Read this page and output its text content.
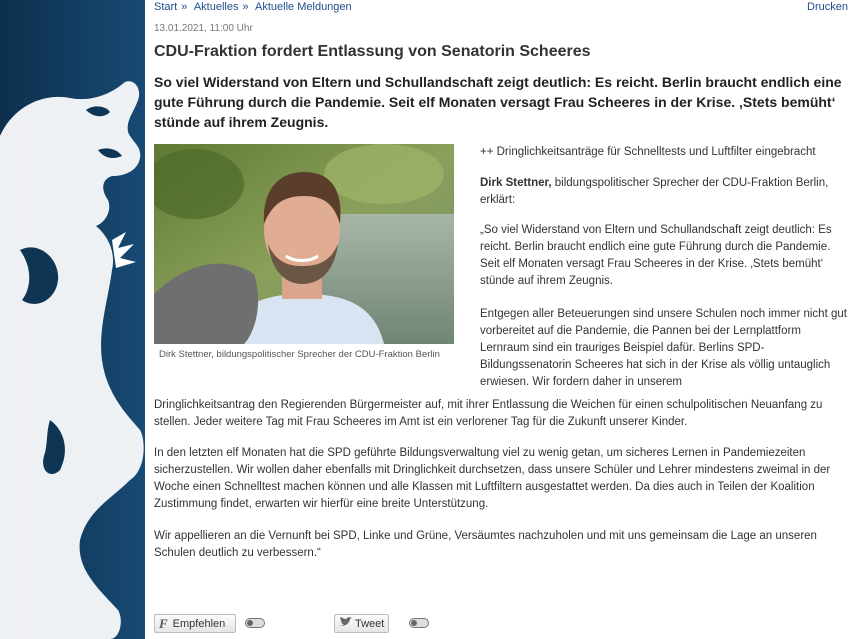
Start » Aktuelles » Aktuelle Meldungen	Drucken
13.01.2021, 11:00 Uhr
CDU-Fraktion fordert Entlassung von Senatorin Scheeres

So viel Widerstand von Eltern und Schullandschaft zeigt deutlich: Es reicht. Berlin braucht endlich eine gute Führung durch die Pandemie. Seit elf Monaten versagt Frau Scheeres in der Krise. ‚Stets bemüht‘ stünde auf ihrem Zeugnis.

Dirk Stettner, bildungspolitischer Sprecher der CDU-Fraktion Berlin

++ Dringlichkeitsanträge für Schnelltests und Luftfilter eingebracht

Dirk Stettner, bildungspolitischer Sprecher der CDU-Fraktion Berlin, erklärt:

„So viel Widerstand von Eltern und Schullandschaft zeigt deutlich: Es reicht. Berlin braucht endlich eine gute Führung durch die Pandemie. Seit elf Monaten versagt Frau Scheeres in der Krise. ‚Stets bemüht‘ stünde auf ihrem Zeugnis.

Entgegen aller Beteuerungen sind unsere Schulen noch immer nicht gut vorbereitet auf die Pandemie, die Pannen bei der Lernplattform Lernraum sind ein trauriges Beispiel dafür. Berlins SPD-Bildungssenatorin Scheeres hat sich in der Krise als völlig untauglich erwiesen. Wir fordern daher in unserem

Dringlichkeitsantrag den Regierenden Bürgermeister auf, mit ihrer Entlassung die Weichen für einen schulpolitischen Neuanfang zu stellen. Jeder weitere Tag mit Frau Scheeres im Amt ist ein verlorener Tag für die Zukunft unserer Kinder.

In den letzten elf Monaten hat die SPD geführte Bildungsverwaltung viel zu wenig getan, um sicheres Lernen in Pandemiezeiten sicherzustellen. Wir wollen daher ebenfalls mit Dringlichkeit durchsetzen, dass unsere Schüler und Lehrer mindestens zweimal in der Woche einen Schnelltest machen können und alle Klassen mit Luftfiltern ausgestattet werden. Da dies auch in Teilen der Koalition Zustimmung findet, erwarten wir hierfür eine breite Unterstützung.

Wir appellieren an die Vernunft bei SPD, Linke und Grüne, Versäumtes nachzuholen und mit uns gemeinsam die Lage an unseren Schulen deutlich zu verbessern.“

F Empfehlen	Tweet
